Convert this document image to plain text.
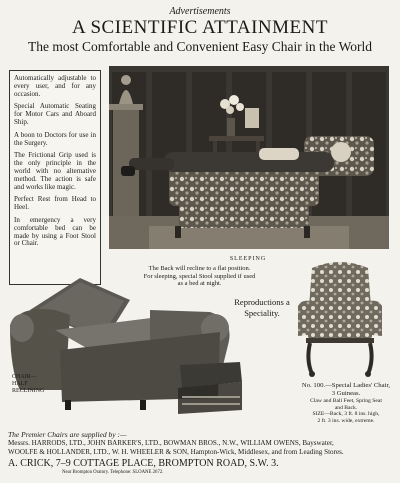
Advertisements
A SCIENTIFIC ATTAINMENT
The most Comfortable and Convenient Easy Chair in the World

Automatically adjustable to every user, and for any occasion.

Special Automatic Seating for Motor Cars and Aboard Ship.

A boon to Doctors for use in the Surgery.

The Frictional Grip used is the only principle in the world with no alternative method. The action is safe and works like magic.

Perfect Rest from Head to Heel.

In emergency a very comfortable bed can be made by using a Foot Stool or Chair.

SLEEPING
The Back will recline to a flat position.
For sleeping, special Stool supplied if used
as a bed at night.
Reproductions a Speciality.
CHAIR—
HALF
RECLINING
No. 100.—Special Ladies' Chair,
3 Guineas.
Claw and Ball Feet, Spring Seat
and Back.
SIZE—Back, 3 ft. 8 ins. high,
2 ft. 3 ins. wide, extreme.
The Premier Chairs are supplied by :—
Messrs. HARRODS, LTD., JOHN BARKER'S, LTD., BOWMAN BROS., N.W., WILLIAM OWENS, Bayswater,
WOOLFE & HOLLANDER, LTD., W. H. WHEELER & SON, Hampton-Wick, Middlesex, and from Leading Stores.
A. CRICK, 7–9 COTTAGE PLACE, BROMPTON ROAD, S.W. 3.
Near Brompton Oratory. Telephone: SLOANE 2672.
